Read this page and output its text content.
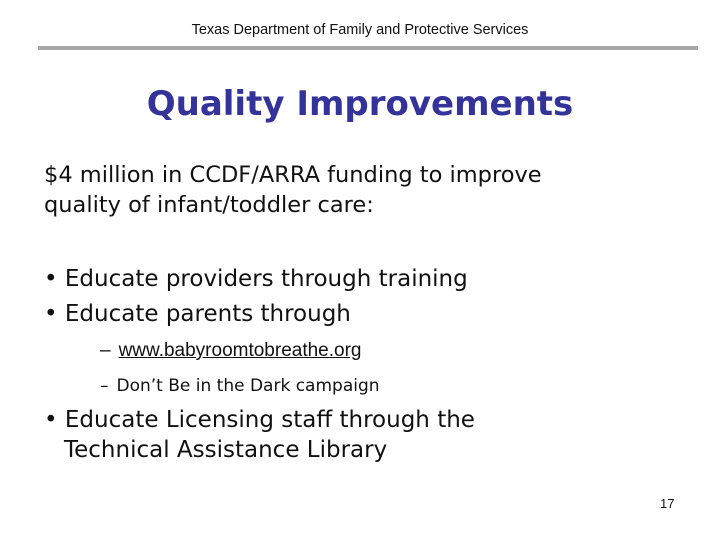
Texas Department of Family and Protective Services
Quality Improvements
$4 million in CCDF/ARRA funding to improve
quality of infant/toddler care:
• Educate providers through training
• Educate parents through
– www.babyroomtobreathe.org
– Don’t Be in the Dark campaign
• Educate Licensing staff through the
Technical Assistance Library
17
